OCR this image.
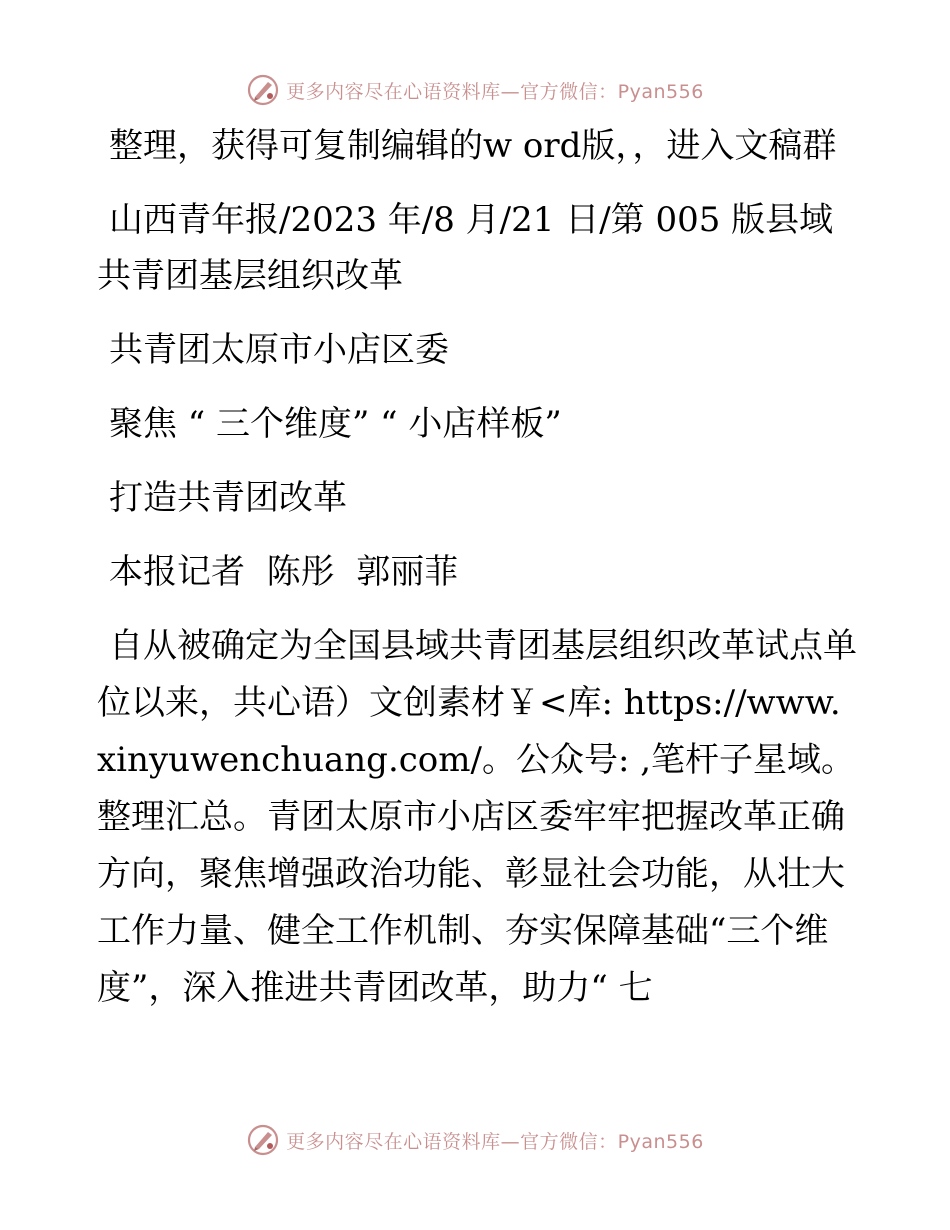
更多内容尽在心语资料库—官方微信：Pyan556

整理，获得可复制编辑的w ord版，，进入文稿群

山西青年报/2023 年/8 月/21 日/第 005 版县域共青团基层组织改革

共青团太原市小店区委

聚焦 “ 三个维度” “ 小店样板”

打造共青团改革

本报记者  陈彤  郭丽菲

自从被确定为全国县域共青团基层组织改革试点单位以来，共心语）文创素材￥<库: https://www.xinyuwenchuang.com/。公众号: ,笔杆子星域。整理汇总。青团太原市小店区委牢牢把握改革正确方向，聚焦增强政治功能、彰显社会功能，从壮大工作力量、健全工作机制、夯实保障基础“三个维度”，深入推进共青团改革，助力“ 七

更多内容尽在心语资料库—官方微信：Pyan556
